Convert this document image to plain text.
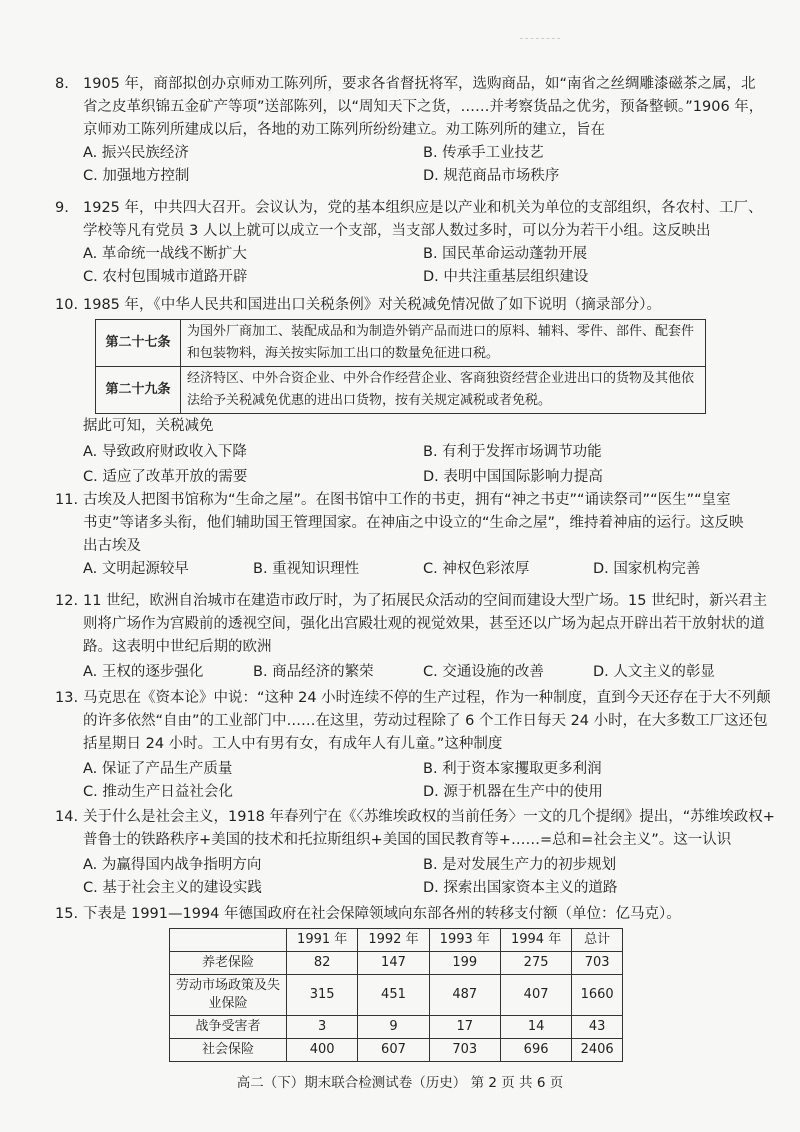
8. 1905 年，商部拟创办京师劝工陈列所，要求各省督抚将军，选购商品，如“南省之丝绸雕漆磁茶之属，北
省之皮革织锦五金矿产等项”送部陈列，以“周知天下之货，……并考察货品之优劣，预备整顿。”1906 年，
京师劝工陈列所建成以后，各地的劝工陈列所纷纷建立。劝工陈列所的建立，旨在
A. 振兴民族经济	B. 传承手工业技艺
C. 加强地方控制	D. 规范商品市场秩序
9. 1925 年，中共四大召开。会议认为，党的基本组织应是以产业和机关为单位的支部组织，各农村、工厂、
学校等凡有党员 3 人以上就可以成立一个支部，当支部人数过多时，可以分为若干小组。这反映出
A. 革命统一战线不断扩大	B. 国民革命运动蓬勃开展
C. 农村包围城市道路开辟	D. 中共注重基层组织建设
10. 1985 年，《中华人民共和国进出口关税条例》对关税减免情况做了如下说明（摘录部分）。
第二十七条	为国外厂商加工、装配成品和为制造外销产品而进口的原料、辅料、零件、部件、配套件和包装物料，海关按实际加工出口的数量免征进口税。
第二十九条	经济特区、中外合资企业、中外合作经营企业、客商独资经营企业进出口的货物及其他依法给予关税减免优惠的进出口货物，按有关规定减税或者免税。
据此可知，关税减免
A. 导致政府财政收入下降	B. 有利于发挥市场调节功能
C. 适应了改革开放的需要	D. 表明中国国际影响力提高
11. 古埃及人把图书馆称为“生命之屋”。在图书馆中工作的书吏，拥有“神之书吏”“诵读祭司”“医生”“皇室
书吏”等诸多头衔，他们辅助国王管理国家。在神庙之中设立的“生命之屋”，维持着神庙的运行。这反映
出古埃及
A. 文明起源较早	B. 重视知识理性	C. 神权色彩浓厚	D. 国家机构完善
12. 11 世纪，欧洲自治城市在建造市政厅时，为了拓展民众活动的空间而建设大型广场。15 世纪时，新兴君主
则将广场作为宫殿前的透视空间，强化出宫殿壮观的视觉效果，甚至还以广场为起点开辟出若干放射状的道
路。这表明中世纪后期的欧洲
A. 王权的逐步强化	B. 商品经济的繁荣	C. 交通设施的改善	D. 人文主义的彰显
13. 马克思在《资本论》中说：“这种 24 小时连续不停的生产过程，作为一种制度，直到今天还存在于大不列颠
的许多依然“自由”的工业部门中……在这里，劳动过程除了 6 个工作日每天 24 小时，在大多数工厂这还包
括星期日 24 小时。工人中有男有女，有成年人有儿童。”这种制度
A. 保证了产品生产质量	B. 利于资本家攫取更多利润
C. 推动生产日益社会化	D. 源于机器在生产中的使用
14. 关于什么是社会主义，1918 年春列宁在《〈苏维埃政权的当前任务〉一文的几个提纲》提出，“苏维埃政权+
普鲁士的铁路秩序+美国的技术和托拉斯组织+美国的国民教育等+……=总和=社会主义”。这一认识
A. 为赢得国内战争指明方向	B. 是对发展生产力的初步规划
C. 基于社会主义的建设实践	D. 探索出国家资本主义的道路
15. 下表是 1991—1994 年德国政府在社会保障领域向东部各州的转移支付额（单位：亿马克）。
	1991 年	1992 年	1993 年	1994 年	总计
养老保险	82	147	199	275	703
劳动市场政策及失业保险	315	451	487	407	1660
战争受害者	3	9	17	14	43
社会保险	400	607	703	696	2406
高二（下）期末联合检测试卷（历史） 第 2 页 共 6 页
